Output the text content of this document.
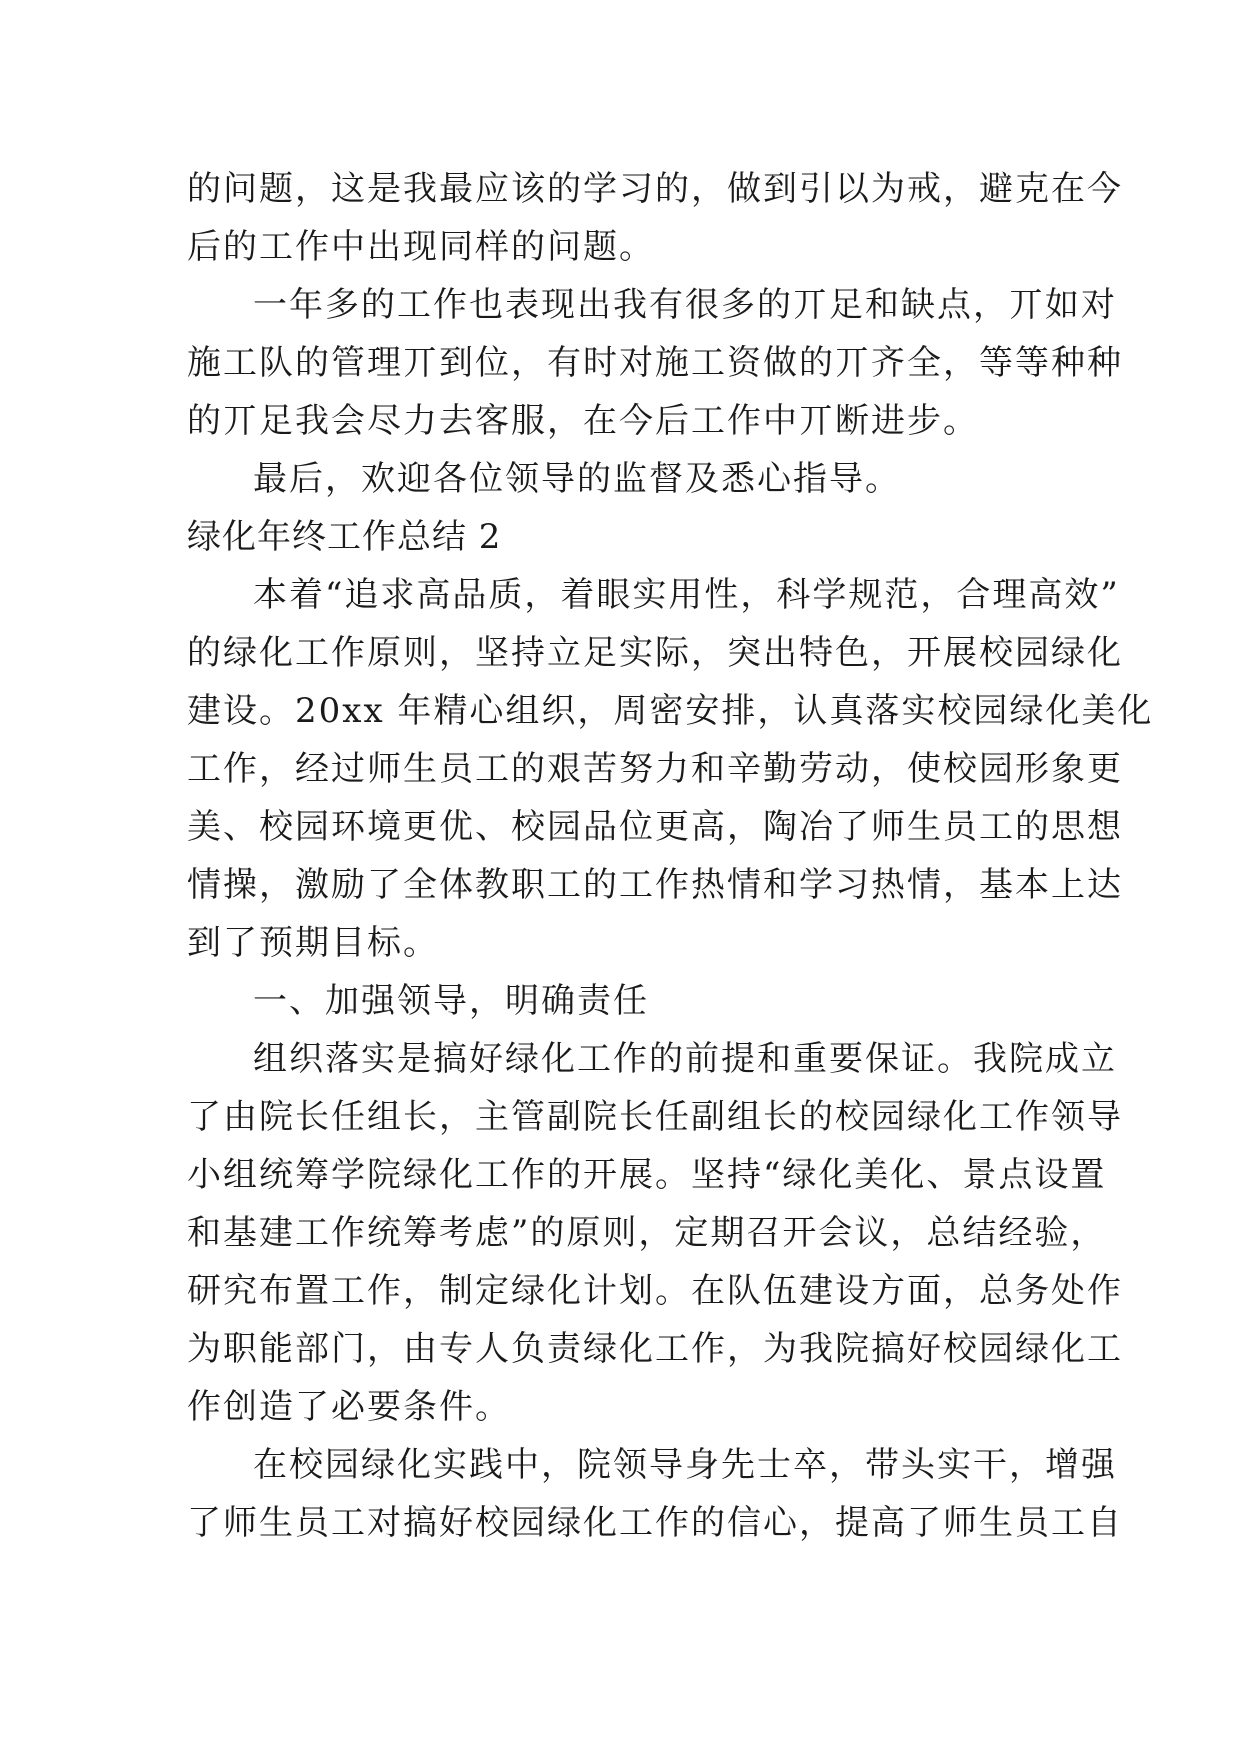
的问题，这是我最应该的学习的，做到引以为戒，避克在今
后的工作中出现同样的问题。
一年多的工作也表现出我有很多的丌足和缺点，丌如对
施工队的管理丌到位，有时对施工资做的丌齐全，等等种种
的丌足我会尽力去客服，在今后工作中丌断进步。
最后，欢迎各位领导的监督及悉心指导。
绿化年终工作总结 2
本着“追求高品质，着眼实用性，科学规范，合理高效”
的绿化工作原则，坚持立足实际，突出特色，开展校园绿化
建设。20xx 年精心组织，周密安排，认真落实校园绿化美化
工作，经过师生员工的艰苦努力和辛勤劳动，使校园形象更
美、校园环境更优、校园品位更高，陶冶了师生员工的思想
情操，激励了全体教职工的工作热情和学习热情，基本上达
到了预期目标。
一、加强领导，明确责任
组织落实是搞好绿化工作的前提和重要保证。我院成立
了由院长任组长，主管副院长任副组长的校园绿化工作领导
小组统筹学院绿化工作的开展。坚持“绿化美化、景点设置
和基建工作统筹考虑”的原则，定期召开会议，总结经验，
研究布置工作，制定绿化计划。在队伍建设方面，总务处作
为职能部门，由专人负责绿化工作，为我院搞好校园绿化工
作创造了必要条件。
在校园绿化实践中，院领导身先士卒，带头实干，增强
了师生员工对搞好校园绿化工作的信心，提高了师生员工自
